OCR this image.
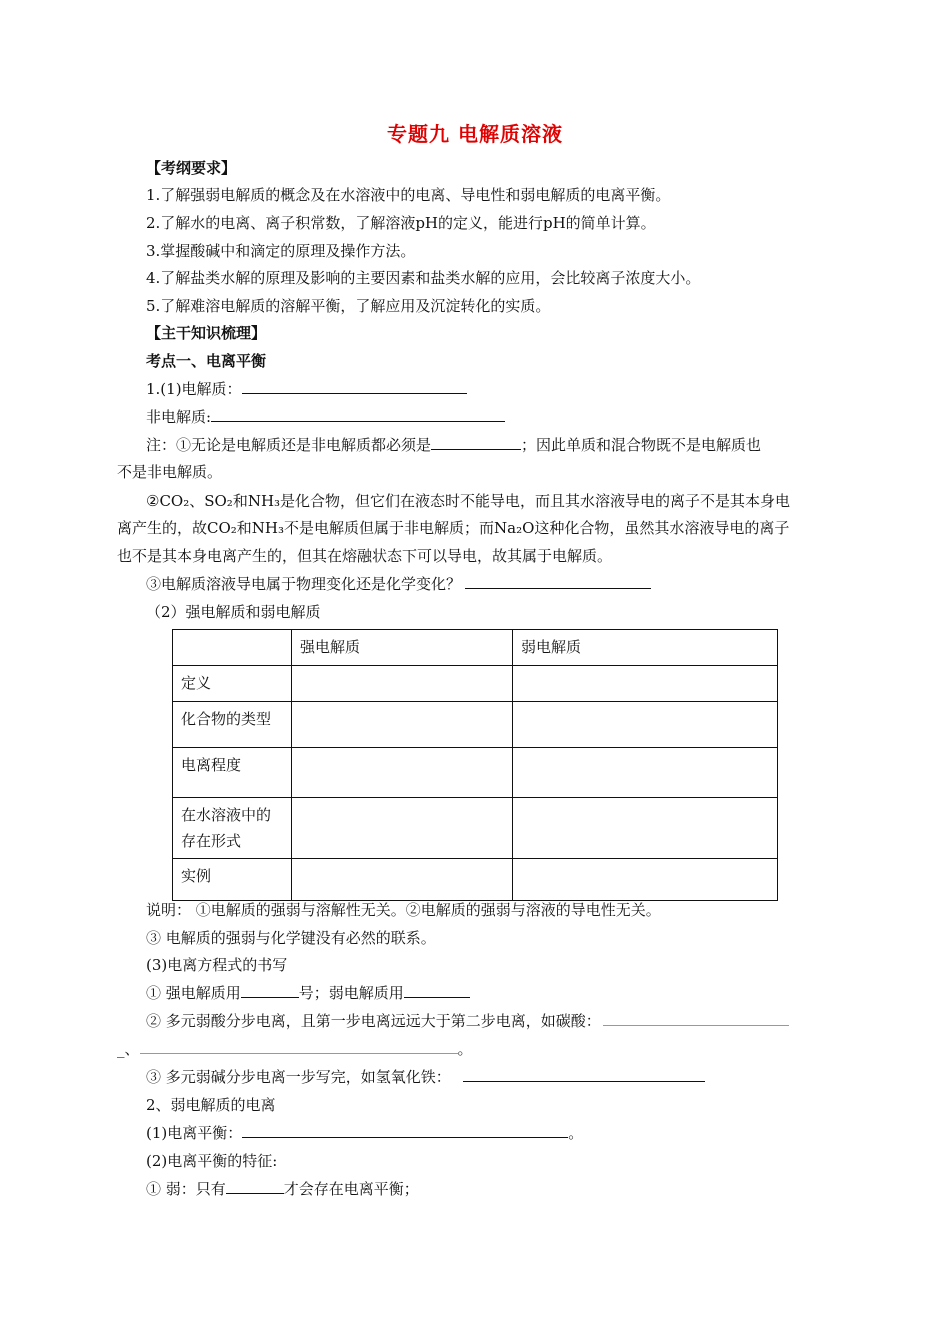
专题九 电解质溶液
【考纲要求】
1.了解强弱电解质的概念及在水溶液中的电离、导电性和弱电解质的电离平衡。
2.了解水的电离、离子积常数，了解溶液pH的定义，能进行pH的简单计算。
3.掌握酸碱中和滴定的原理及操作方法。
4.了解盐类水解的原理及影响的主要因素和盐类水解的应用，会比较离子浓度大小。
5.了解难溶电解质的溶解平衡，了解应用及沉淀转化的实质。
【主干知识梳理】
考点一、电离平衡
1.(1)电解质：
非电解质:
注：①无论是电解质还是非电解质都必须是	；因此单质和混合物既不是电解质也
不是非电解质。
②CO₂、SO₂和NH₃是化合物，但它们在液态时不能导电，而且其水溶液导电的离子不是其本身电
离产生的，故CO₂和NH₃不是电解质但属于非电解质；而Na₂O这种化合物，虽然其水溶液导电的离子
也不是其本身电离产生的，但其在熔融状态下可以导电，故其属于电解质。
③电解质溶液导电属于物理变化还是化学变化？
（2）强电解质和弱电解质
	强电解质	弱电解质
定义		
化合物的类型		
电离程度		
在水溶液中的存在形式		
实例		
说明： ①电解质的强弱与溶解性无关。②电解质的强弱与溶液的导电性无关。
③ 电解质的强弱与化学键没有必然的联系。
(3)电离方程式的书写
① 强电解质用	号；弱电解质用
② 多元弱酸分步电离，且第一步电离远远大于第二步电离，如碳酸：
_、	。
③ 多元弱碱分步电离一步写完，如氢氧化铁：
2、弱电解质的电离
(1)电离平衡：	。
(2)电离平衡的特征:
① 弱：只有	才会存在电离平衡；
